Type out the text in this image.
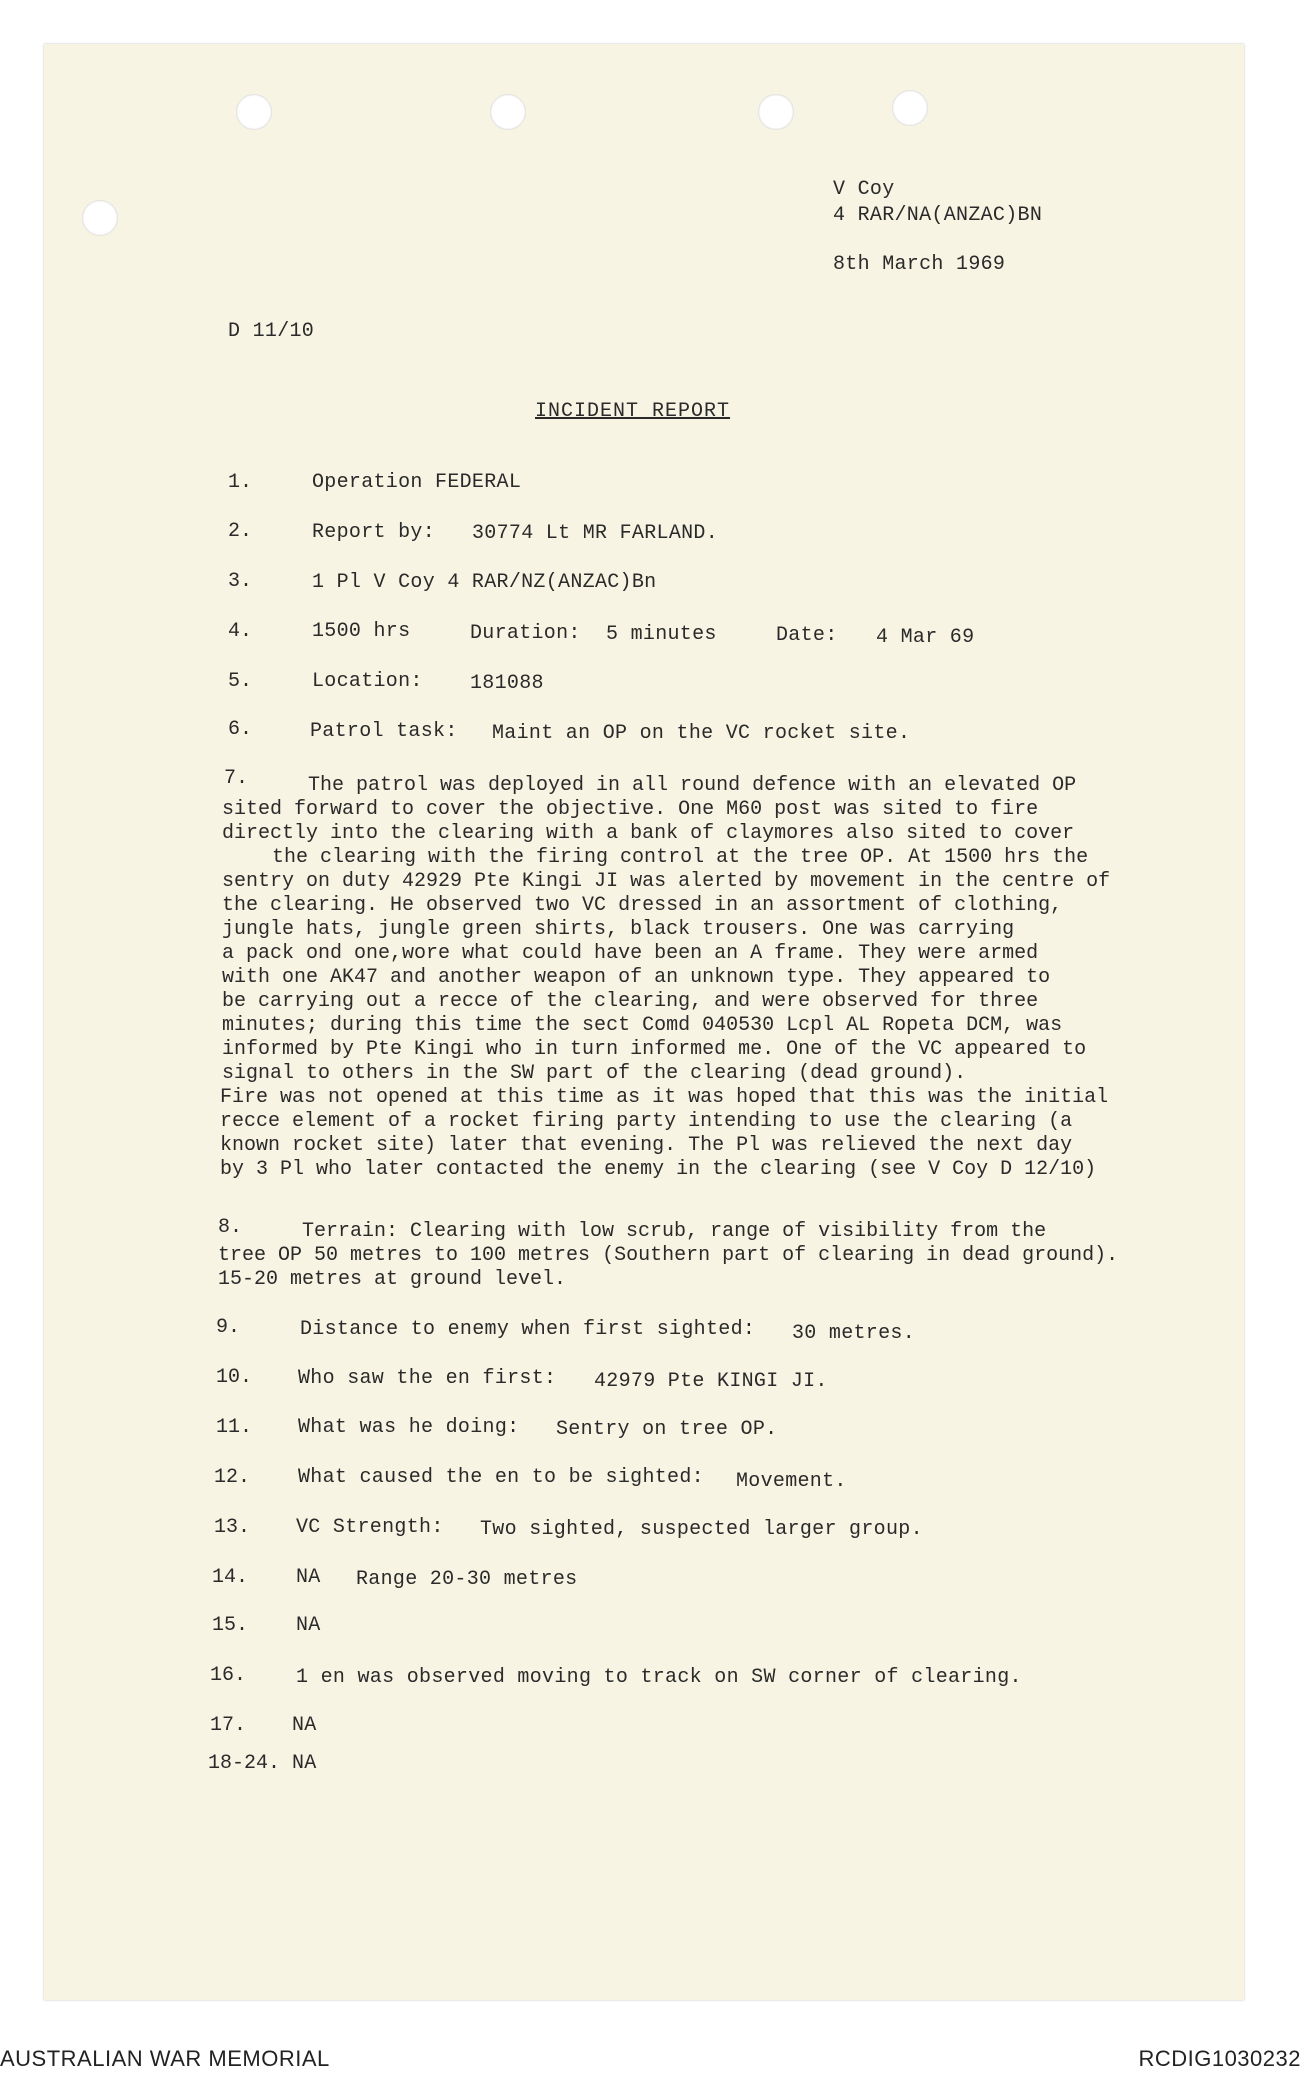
V Coy
4 RAR/NA(ANZAC)BN
8th March 1969
D 11/10
INCIDENT REPORT
1.	Operation FEDERAL
2.	Report by: 30774 Lt MR FARLAND.
3.	1 Pl V Coy 4 RAR/NZ(ANZAC)Bn
4.	1500 hrs	Duration: 5 minutes	Date: 4 Mar 69
5.	Location: 181088
6.	Patrol task: Maint an OP on the VC rocket site.
7.	The patrol was deployed in all round defence with an elevated OP
sited forward to cover the objective. One M60 post was sited to fire
directly into the clearing with a bank of claymores also sited to cover
the clearing with the firing control at the tree OP. At 1500 hrs the
sentry on duty 42929 Pte Kingi JI was alerted by movement in the centre of
the clearing. He observed two VC dressed in an assortment of clothing,
jungle hats, jungle green shirts, black trousers. One was carrying
a pack ond one,wore what could have been an A frame. They were armed
with one AK47 and another weapon of an unknown type. They appeared to
be carrying out a recce of the clearing, and were observed for three
minutes; during this time the sect Comd 040530 Lcpl AL Ropeta DCM, was
informed by Pte Kingi who in turn informed me. One of the VC appeared to
signal to others in the SW part of the clearing (dead ground).
Fire was not opened at this time as it was hoped that this was the initial
recce element of a rocket firing party intending to use the clearing (a
known rocket site) later that evening. The Pl was relieved the next day
by 3 Pl who later contacted the enemy in the clearing (see V Coy D 12/10)
8.	Terrain: Clearing with low scrub, range of visibility from the
tree OP 50 metres to 100 metres (Southern part of clearing in dead ground).
15-20 metres at ground level.
9.	Distance to enemy when first sighted: 30 metres.
10. Who saw the en first: 42979 Pte KINGI JI.
11. What was he doing: Sentry on tree OP.
12. What caused the en to be sighted: Movement.
13. VC Strength: Two sighted, suspected larger group.
14. NA Range 20-30 metres
15. NA
16. 1 en was observed moving to track on SW corner of clearing.
17. NA
18-24. NA
AUSTRALIAN WAR MEMORIAL	RCDIG1030232
